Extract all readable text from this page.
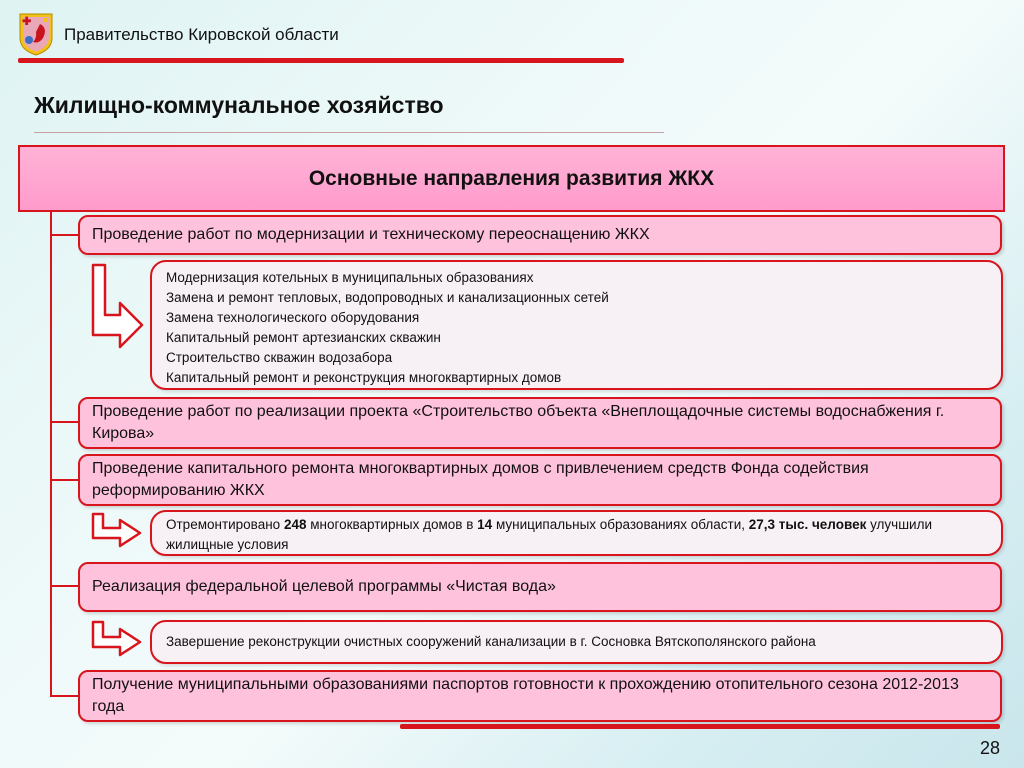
Правительство Кировской области
Жилищно-коммунальное хозяйство
Основные направления развития ЖКХ
Проведение работ по модернизации и техническому переоснащению ЖКХ
Модернизация котельных в муниципальных образованиях
Замена и ремонт тепловых, водопроводных и канализационных сетей
Замена технологического оборудования
Капитальный ремонт артезианских скважин
Строительство скважин водозабора
Капитальный ремонт и реконструкция многоквартирных домов
Проведение работ по реализации проекта «Строительство объекта «Внеплощадочные системы водоснабжения г. Кирова»
Проведение капитального ремонта многоквартирных домов с привлечением средств Фонда содействия реформированию ЖКХ
Отремонтировано 248 многоквартирных домов в 14 муниципальных образованиях области, 27,3 тыс. человек улучшили жилищные условия
Реализация федеральной целевой программы «Чистая вода»
Завершение реконструкции очистных сооружений канализации в г. Сосновка Вятскополянского района
Получение муниципальными образованиями паспортов готовности к прохождению отопительного сезона 2012-2013 года
28
